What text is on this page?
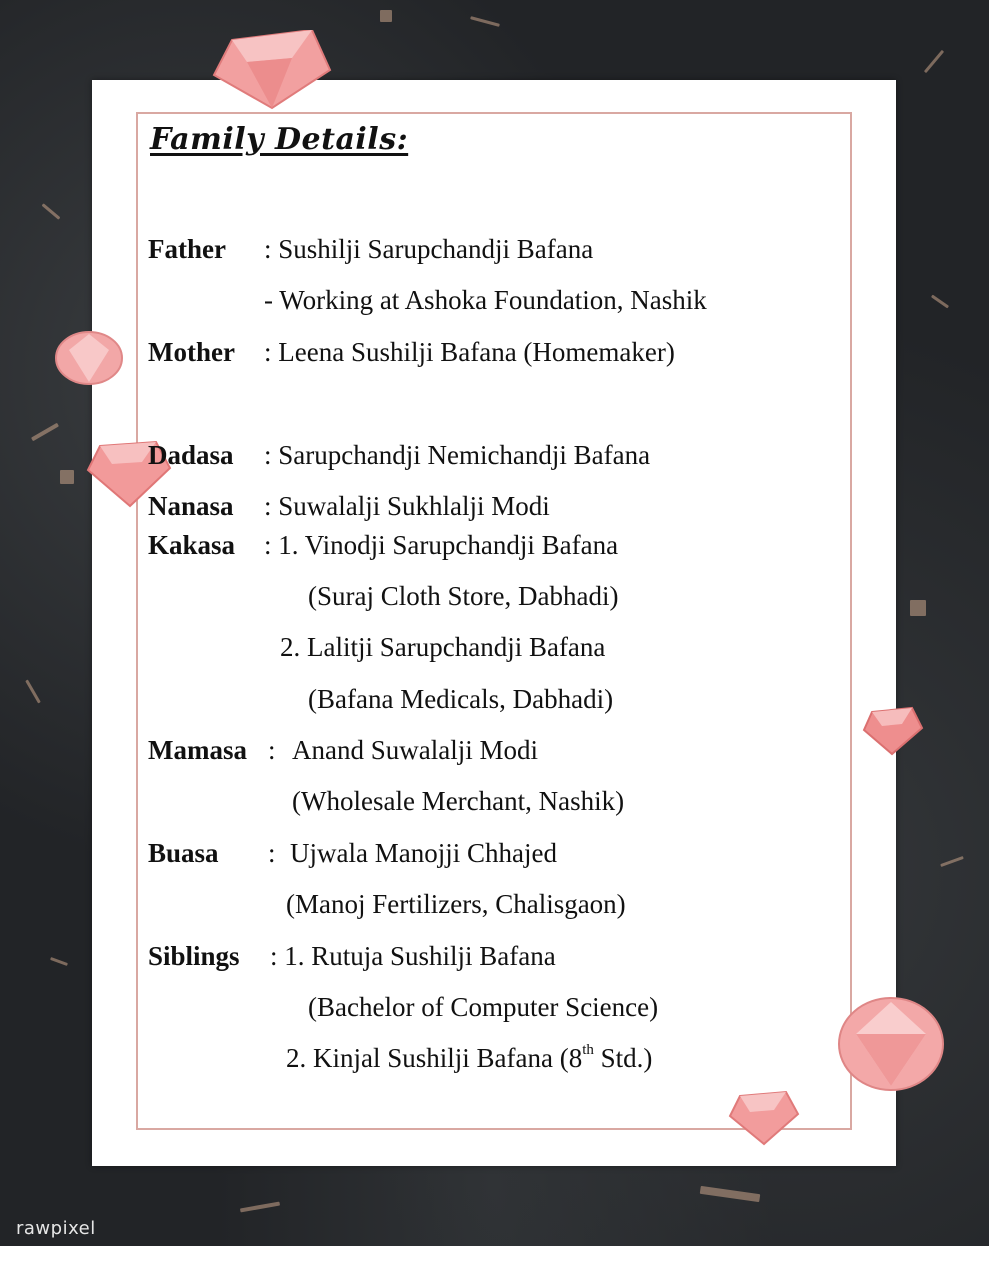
Family Details:
Father : Sushilji Sarupchandji Bafana
- Working at Ashoka Foundation, Nashik
Mother : Leena Sushilji Bafana (Homemaker)
Dadasa : Sarupchandji Nemichandji Bafana
Nanasa : Suwalalji Sukhlalji Modi
Kakasa : 1. Vinodji Sarupchandji Bafana
(Suraj Cloth Store, Dabhadi)
2. Lalitji Sarupchandji Bafana
(Bafana Medicals, Dabhadi)
Mamasa : Anand Suwalalji Modi
(Wholesale Merchant, Nashik)
Buasa : Ujwala Manojji Chhajed
(Manoj Fertilizers, Chalisgaon)
Siblings : 1. Rutuja Sushilji Bafana
(Bachelor of Computer Science)
2. Kinjal Sushilji Bafana (8th Std.)
rawpixel
